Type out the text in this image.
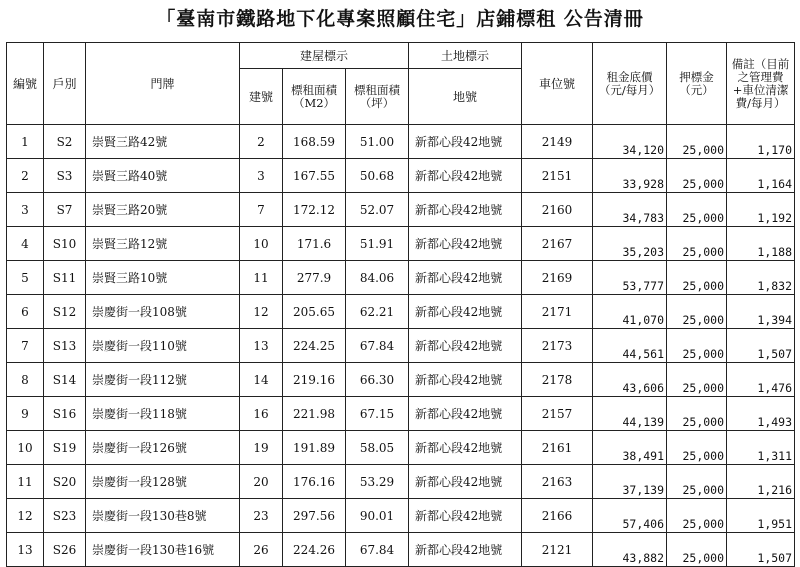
「臺南市鐵路地下化專案照顧住宅」店鋪標租 公告清冊
編號	戶別	門牌	建屋標示			土地標示	車位號	租金底價（元/每月）	押標金（元）	備註（目前之管理費+車位清潔費/每月）
			建號	標租面積（M2）	標租面積（坪）	地號				
1	S2	崇賢三路42號	2	168.59	51.00	新都心段42地號	2149	34,120	25,000	1,170
2	S3	崇賢三路40號	3	167.55	50.68	新都心段42地號	2151	33,928	25,000	1,164
3	S7	崇賢三路20號	7	172.12	52.07	新都心段42地號	2160	34,783	25,000	1,192
4	S10	崇賢三路12號	10	171.6	51.91	新都心段42地號	2167	35,203	25,000	1,188
5	S11	崇賢三路10號	11	277.9	84.06	新都心段42地號	2169	53,777	25,000	1,832
6	S12	崇慶街一段108號	12	205.65	62.21	新都心段42地號	2171	41,070	25,000	1,394
7	S13	崇慶街一段110號	13	224.25	67.84	新都心段42地號	2173	44,561	25,000	1,507
8	S14	崇慶街一段112號	14	219.16	66.30	新都心段42地號	2178	43,606	25,000	1,476
9	S16	崇慶街一段118號	16	221.98	67.15	新都心段42地號	2157	44,139	25,000	1,493
10	S19	崇慶街一段126號	19	191.89	58.05	新都心段42地號	2161	38,491	25,000	1,311
11	S20	崇慶街一段128號	20	176.16	53.29	新都心段42地號	2163	37,139	25,000	1,216
12	S23	崇慶街一段130巷8號	23	297.56	90.01	新都心段42地號	2166	57,406	25,000	1,951
13	S26	崇慶街一段130巷16號	26	224.26	67.84	新都心段42地號	2121	43,882	25,000	1,507
